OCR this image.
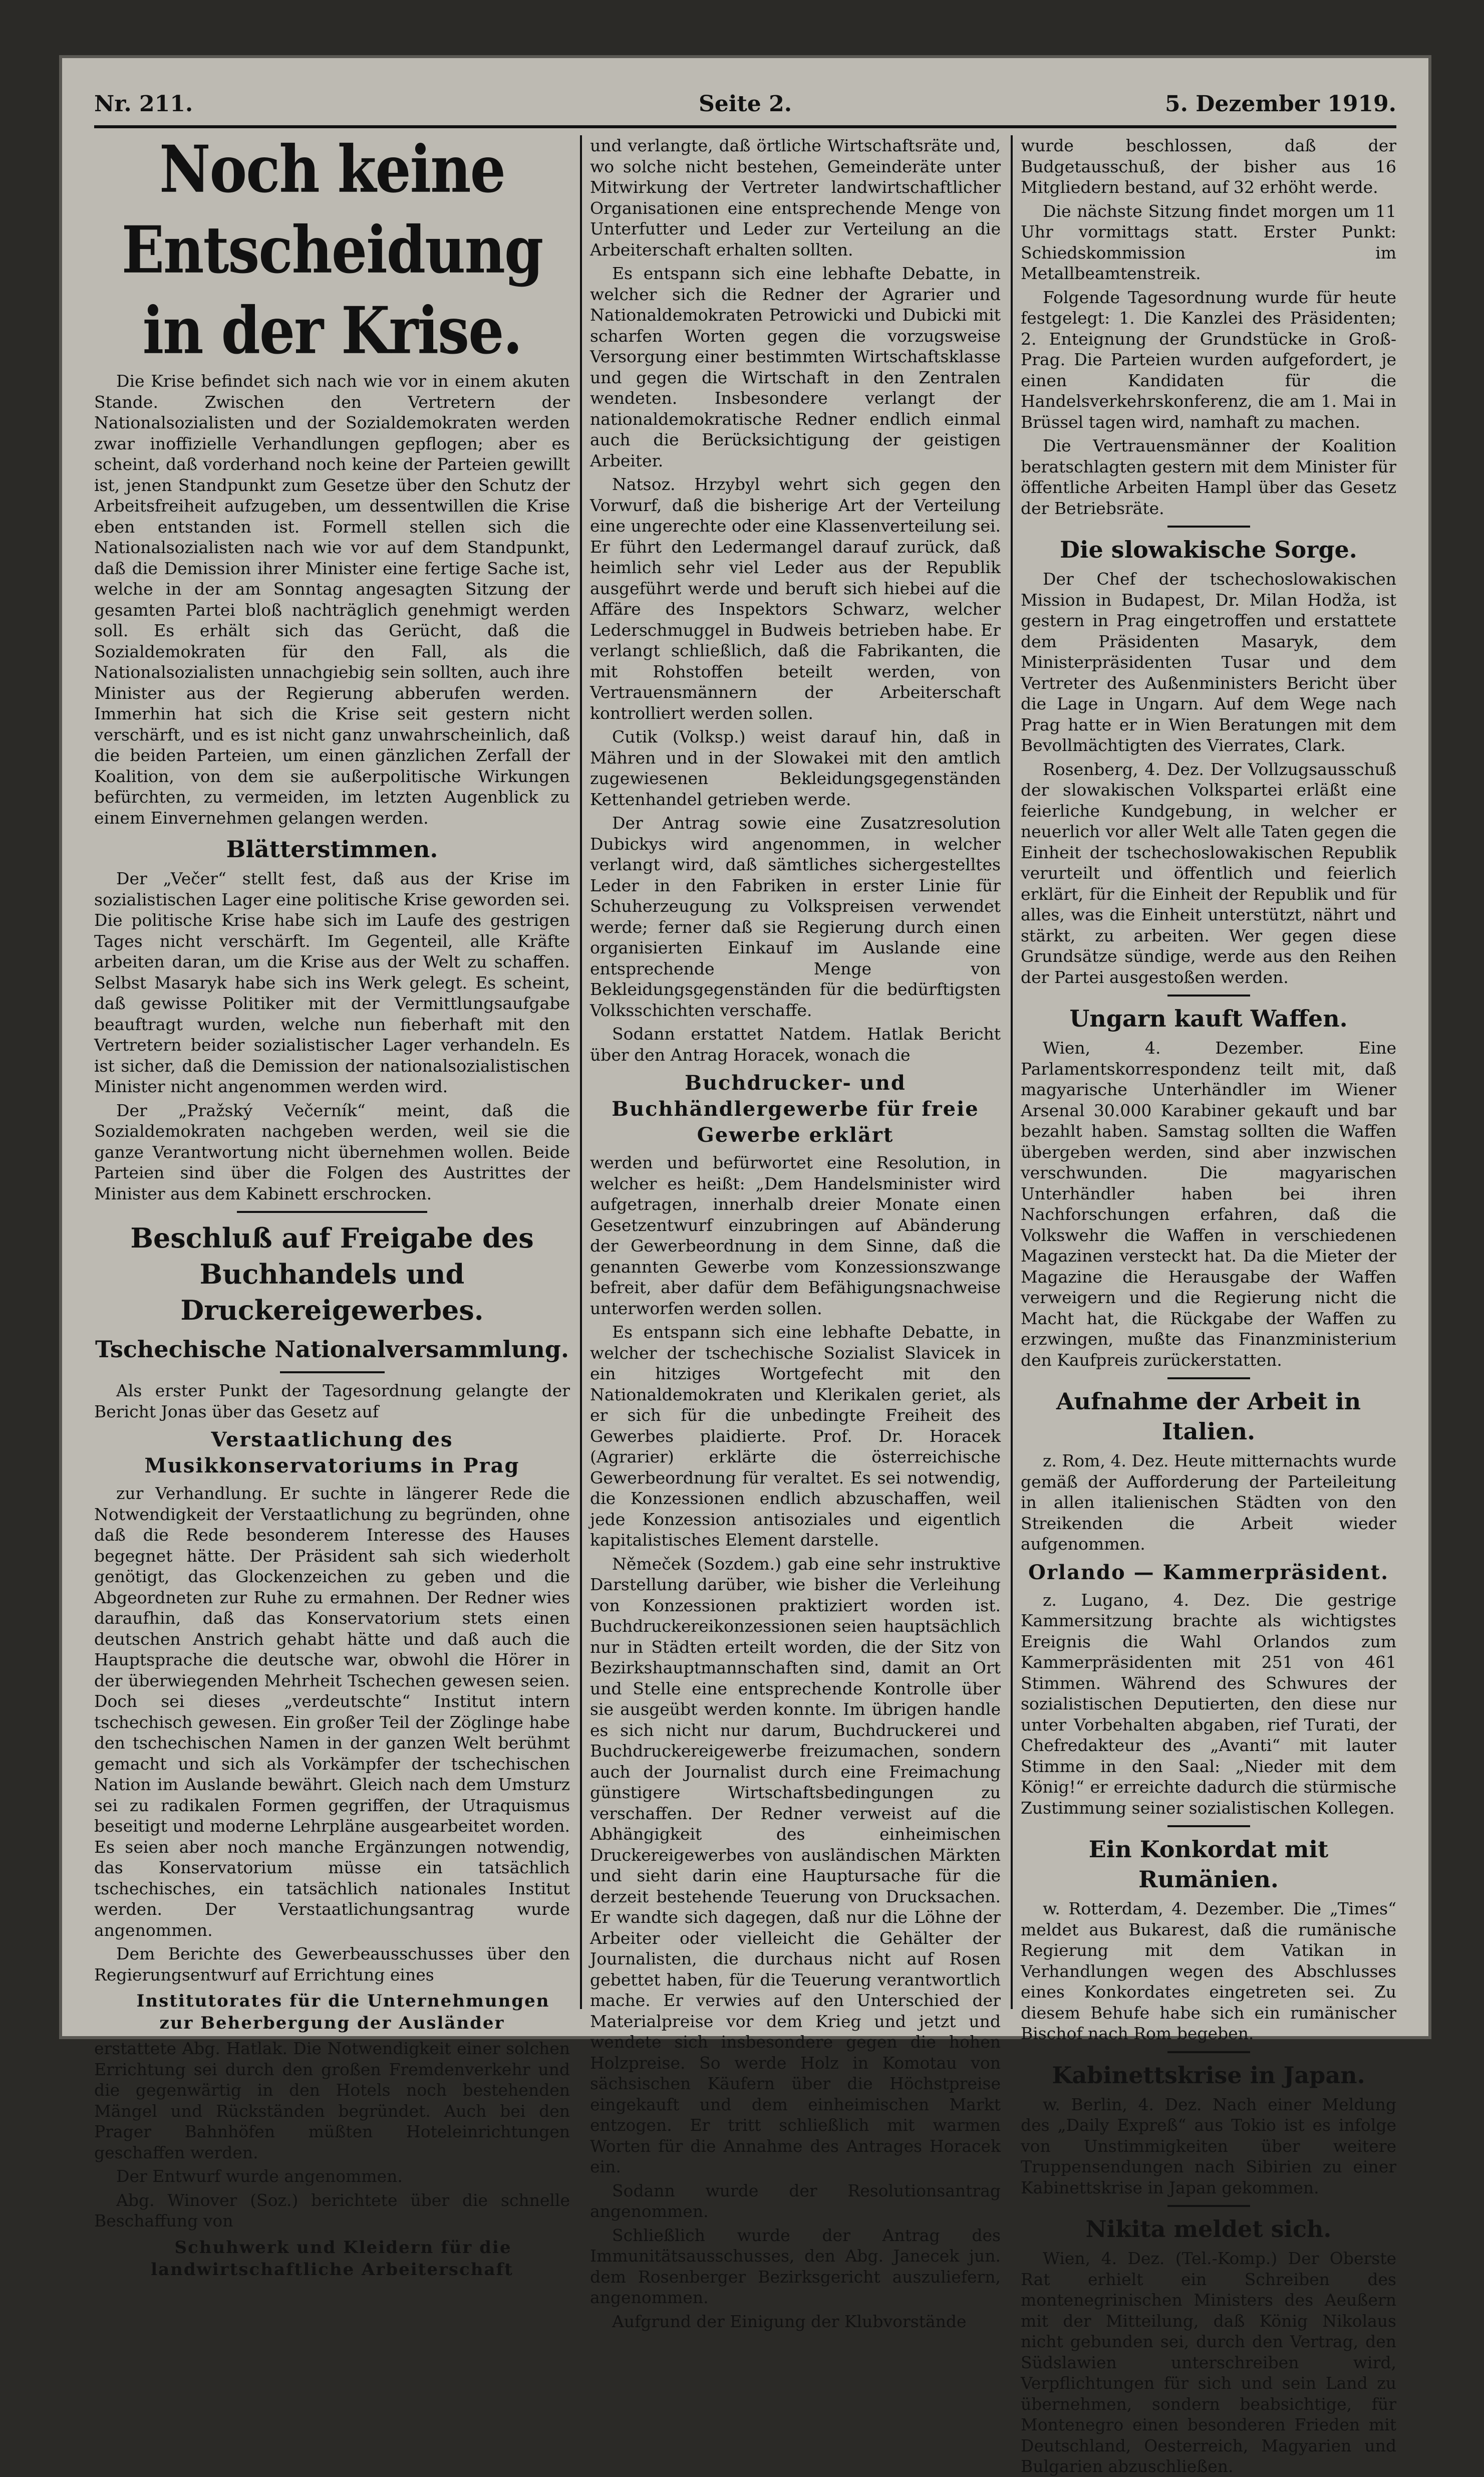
Nr. 211.	Seite 2.	5. Dezember 1919.
Noch keine Entscheidung in der Krise.

Die Krise befindet sich nach wie vor in einem akuten Stande. Zwischen den Vertretern der Nationalsozialisten und der Sozialdemokraten werden zwar inoffizielle Verhandlungen gepflogen; aber es scheint, daß vorderhand noch keine der Parteien gewillt ist, jenen Standpunkt zum Gesetze über den Schutz der Arbeitsfreiheit aufzugeben, um dessentwillen die Krise eben entstanden ist. Formell stellen sich die Nationalsozialisten nach wie vor auf dem Standpunkt, daß die Demission ihrer Minister eine fertige Sache ist, welche in der am Sonntag angesagten Sitzung der gesamten Partei bloß nachträglich genehmigt werden soll. Es erhält sich das Gerücht, daß die Sozialdemokraten für den Fall, als die Nationalsozialisten unnachgiebig sein sollten, auch ihre Minister aus der Regierung abberufen werden. Immerhin hat sich die Krise seit gestern nicht verschärft, und es ist nicht ganz unwahrscheinlich, daß die beiden Parteien, um einen gänzlichen Zerfall der Koalition, von dem sie außerpolitische Wirkungen befürchten, zu vermeiden, im letzten Augenblick zu einem Einvernehmen gelangen werden.

Blätterstimmen.

Der „Večer“ stellt fest, daß aus der Krise im sozialistischen Lager eine politische Krise geworden sei. Die politische Krise habe sich im Laufe des gestrigen Tages nicht verschärft. Im Gegenteil, alle Kräfte arbeiten daran, um die Krise aus der Welt zu schaffen. Selbst Masaryk habe sich ins Werk gelegt. Es scheint, daß gewisse Politiker mit der Vermittlungsaufgabe beauftragt wurden, welche nun fieberhaft mit den Vertretern beider sozialistischer Lager verhandeln. Es ist sicher, daß die Demission der nationalsozialistischen Minister nicht angenommen werden wird.

Der „Pražský Večerník“ meint, daß die Sozialdemokraten nachgeben werden, weil sie die ganze Verantwortung nicht übernehmen wollen. Beide Parteien sind über die Folgen des Austrittes der Minister aus dem Kabinett erschrocken.

Beschluß auf Freigabe des Buchhandels und Druckereigewerbes.
Tschechische Nationalversammlung.

Als erster Punkt der Tagesordnung gelangte der Bericht Jonas über das Gesetz auf

Verstaatlichung des Musikkonservatoriums in Prag

zur Verhandlung. Er suchte in längerer Rede die Notwendigkeit der Verstaatlichung zu begründen, ohne daß die Rede besonderem Interesse des Hauses begegnet hätte. Der Präsident sah sich wiederholt genötigt, das Glockenzeichen zu geben und die Abgeordneten zur Ruhe zu ermahnen. Der Redner wies daraufhin, daß das Konservatorium stets einen deutschen Anstrich gehabt hätte und daß auch die Hauptsprache die deutsche war, obwohl die Hörer in der überwiegenden Mehrheit Tschechen gewesen seien. Doch sei dieses „verdeutschte“ Institut intern tschechisch gewesen. Ein großer Teil der Zöglinge habe den tschechischen Namen in der ganzen Welt berühmt gemacht und sich als Vorkämpfer der tschechischen Nation im Auslande bewährt. Gleich nach dem Umsturz sei zu radikalen Formen gegriffen, der Utraquismus beseitigt und moderne Lehrpläne ausgearbeitet worden. Es seien aber noch manche Ergänzungen notwendig, das Konservatorium müsse ein tatsächlich tschechisches, ein tatsächlich nationales Institut werden. Der Verstaatlichungsantrag wurde angenommen.

Dem Berichte des Gewerbeausschusses über den Regierungsentwurf auf Errichtung eines

Institutorates für die Unternehmungen zur Beherbergung der Ausländer

erstattete Abg. Hatlak. Die Notwendigkeit einer solchen Errichtung sei durch den großen Fremdenverkehr und die gegenwärtig in den Hotels noch bestehenden Mängel und Rückständen begründet. Auch bei den Prager Bahnhöfen müßten Hoteleinrichtungen geschaffen werden.

Der Entwurf wurde angenommen.

Abg. Winover (Soz.) berichtete über die schnelle Beschaffung von

Schuhwerk und Kleidern für die landwirtschaftliche Arbeiterschaft

und verlangte, daß örtliche Wirtschaftsräte und, wo solche nicht bestehen, Gemeinderäte unter Mitwirkung der Vertreter landwirtschaftlicher Organisationen eine entsprechende Menge von Unterfutter und Leder zur Verteilung an die Arbeiterschaft erhalten sollten.

Es entspann sich eine lebhafte Debatte, in welcher sich die Redner der Agrarier und Nationaldemokraten Petrowicki und Dubicki mit scharfen Worten gegen die vorzugsweise Versorgung einer bestimmten Wirtschaftsklasse und gegen die Wirtschaft in den Zentralen wendeten. Insbesondere verlangt der nationaldemokratische Redner endlich einmal auch die Berücksichtigung der geistigen Arbeiter.

Natsoz. Hrzybyl wehrt sich gegen den Vorwurf, daß die bisherige Art der Verteilung eine ungerechte oder eine Klassenverteilung sei. Er führt den Ledermangel darauf zurück, daß heimlich sehr viel Leder aus der Republik ausgeführt werde und beruft sich hiebei auf die Affäre des Inspektors Schwarz, welcher Lederschmuggel in Budweis betrieben habe. Er verlangt schließlich, daß die Fabrikanten, die mit Rohstoffen beteilt werden, von Vertrauensmännern der Arbeiterschaft kontrolliert werden sollen.

Cutik (Volksp.) weist darauf hin, daß in Mähren und in der Slowakei mit den amtlich zugewiesenen Bekleidungsgegenständen Kettenhandel getrieben werde.

Der Antrag sowie eine Zusatzresolution Dubickys wird angenommen, in welcher verlangt wird, daß sämtliches sichergestelltes Leder in den Fabriken in erster Linie für Schuherzeugung zu Volkspreisen verwendet werde; ferner daß sie Regierung durch einen organisierten Einkauf im Auslande eine entsprechende Menge von Bekleidungsgegenständen für die bedürftigsten Volksschichten verschaffe.

Sodann erstattet Natdem. Hatlak Bericht über den Antrag Horacek, wonach die

Buchdrucker- und Buchhändlergewerbe für freie Gewerbe erklärt

werden und befürwortet eine Resolution, in welcher es heißt: „Dem Handelsminister wird aufgetragen, innerhalb dreier Monate einen Gesetzentwurf einzubringen auf Abänderung der Gewerbeordnung in dem Sinne, daß die genannten Gewerbe vom Konzessionszwange befreit, aber dafür dem Befähigungsnachweise unterworfen werden sollen.

Es entspann sich eine lebhafte Debatte, in welcher der tschechische Sozialist Slavicek in ein hitziges Wortgefecht mit den Nationaldemokraten und Klerikalen geriet, als er sich für die unbedingte Freiheit des Gewerbes plaidierte. Prof. Dr. Horacek (Agrarier) erklärte die österreichische Gewerbeordnung für veraltet. Es sei notwendig, die Konzessionen endlich abzuschaffen, weil jede Konzession antisoziales und eigentlich kapitalistisches Element darstelle.

Němeček (Sozdem.) gab eine sehr instruktive Darstellung darüber, wie bisher die Verleihung von Konzessionen praktiziert worden ist. Buchdruckereikonzessionen seien hauptsächlich nur in Städten erteilt worden, die der Sitz von Bezirkshauptmannschaften sind, damit an Ort und Stelle eine entsprechende Kontrolle über sie ausgeübt werden konnte. Im übrigen handle es sich nicht nur darum, Buchdruckerei und Buchdruckereigewerbe freizumachen, sondern auch der Journalist durch eine Freimachung günstigere Wirtschaftsbedingungen zu verschaffen. Der Redner verweist auf die Abhängigkeit des einheimischen Druckereigewerbes von ausländischen Märkten und sieht darin eine Hauptursache für die derzeit bestehende Teuerung von Drucksachen. Er wandte sich dagegen, daß nur die Löhne der Arbeiter oder vielleicht die Gehälter der Journalisten, die durchaus nicht auf Rosen gebettet haben, für die Teuerung verantwortlich mache. Er verwies auf den Unterschied der Materialpreise vor dem Krieg und jetzt und wendete sich insbesondere gegen die hohen Holzpreise. So werde Holz in Komotau von sächsischen Käufern über die Höchstpreise eingekauft und dem einheimischen Markt entzogen. Er tritt schließlich mit warmen Worten für die Annahme des Antrages Horacek ein.

Sodann wurde der Resolutionsantrag angenommen.

Schließlich wurde der Antrag des Immunitätsausschusses, den Abg. Janecek jun. dem Rosenberger Bezirksgericht auszuliefern, angenommen.

Aufgrund der Einigung der Klubvorstände

wurde beschlossen, daß der Budgetausschuß, der bisher aus 16 Mitgliedern bestand, auf 32 erhöht werde.

Die nächste Sitzung findet morgen um 11 Uhr vormittags statt. Erster Punkt: Schiedskommission im Metallbeamtenstreik.

Folgende Tagesordnung wurde für heute festgelegt: 1. Die Kanzlei des Präsidenten; 2. Enteignung der Grundstücke in Groß-Prag. Die Parteien wurden aufgefordert, je einen Kandidaten für die Handelsverkehrskonferenz, die am 1. Mai in Brüssel tagen wird, namhaft zu machen.

Die Vertrauensmänner der Koalition beratschlagten gestern mit dem Minister für öffentliche Arbeiten Hampl über das Gesetz der Betriebsräte.

Die slowakische Sorge.

Der Chef der tschechoslowakischen Mission in Budapest, Dr. Milan Hodža, ist gestern in Prag eingetroffen und erstattete dem Präsidenten Masaryk, dem Ministerpräsidenten Tusar und dem Vertreter des Außenministers Bericht über die Lage in Ungarn. Auf dem Wege nach Prag hatte er in Wien Beratungen mit dem Bevollmächtigten des Vierrates, Clark.

Rosenberg, 4. Dez. Der Vollzugsausschuß der slowakischen Volkspartei erläßt eine feierliche Kundgebung, in welcher er neuerlich vor aller Welt alle Taten gegen die Einheit der tschechoslowakischen Republik verurteilt und öffentlich und feierlich erklärt, für die Einheit der Republik und für alles, was die Einheit unterstützt, nährt und stärkt, zu arbeiten. Wer gegen diese Grundsätze sündige, werde aus den Reihen der Partei ausgestoßen werden.

Ungarn kauft Waffen.

Wien, 4. Dezember. Eine Parlamentskorrespondenz teilt mit, daß magyarische Unterhändler im Wiener Arsenal 30.000 Karabiner gekauft und bar bezahlt haben. Samstag sollten die Waffen übergeben werden, sind aber inzwischen verschwunden. Die magyarischen Unterhändler haben bei ihren Nachforschungen erfahren, daß die Volkswehr die Waffen in verschiedenen Magazinen versteckt hat. Da die Mieter der Magazine die Herausgabe der Waffen verweigern und die Regierung nicht die Macht hat, die Rückgabe der Waffen zu erzwingen, mußte das Finanzministerium den Kaufpreis zurückerstatten.

Aufnahme der Arbeit in Italien.

z. Rom, 4. Dez. Heute mitternachts wurde gemäß der Aufforderung der Parteileitung in allen italienischen Städten von den Streikenden die Arbeit wieder aufgenommen.

Orlando — Kammerpräsident.

z. Lugano, 4. Dez. Die gestrige Kammersitzung brachte als wichtigstes Ereignis die Wahl Orlandos zum Kammerpräsidenten mit 251 von 461 Stimmen. Während des Schwures der sozialistischen Deputierten, den diese nur unter Vorbehalten abgaben, rief Turati, der Chefredakteur des „Avanti“ mit lauter Stimme in den Saal: „Nieder mit dem König!“ er erreichte dadurch die stürmische Zustimmung seiner sozialistischen Kollegen.

Ein Konkordat mit Rumänien.

w. Rotterdam, 4. Dezember. Die „Times“ meldet aus Bukarest, daß die rumänische Regierung mit dem Vatikan in Verhandlungen wegen des Abschlusses eines Konkordates eingetreten sei. Zu diesem Behufe habe sich ein rumänischer Bischof nach Rom begeben.

Kabinettskrise in Japan.

w. Berlin, 4. Dez. Nach einer Meldung des „Daily Expreß“ aus Tokio ist es infolge von Unstimmigkeiten über weitere Truppensendungen nach Sibirien zu einer Kabinettskrise in Japan gekommen.

Nikita meldet sich.

Wien, 4. Dez. (Tel.-Komp.) Der Oberste Rat erhielt ein Schreiben des montenegrinischen Ministers des Aeußern mit der Mitteilung, daß König Nikolaus nicht gebunden sei, durch den Vertrag, den Südslawien unterschreiben wird, Verpflichtungen für sich und sein Land zu übernehmen, sondern beabsichtige, für Montenegro einen besonderen Frieden mit Deutschland, Oesterreich, Magyarien und Bulgarien abzuschließen.
